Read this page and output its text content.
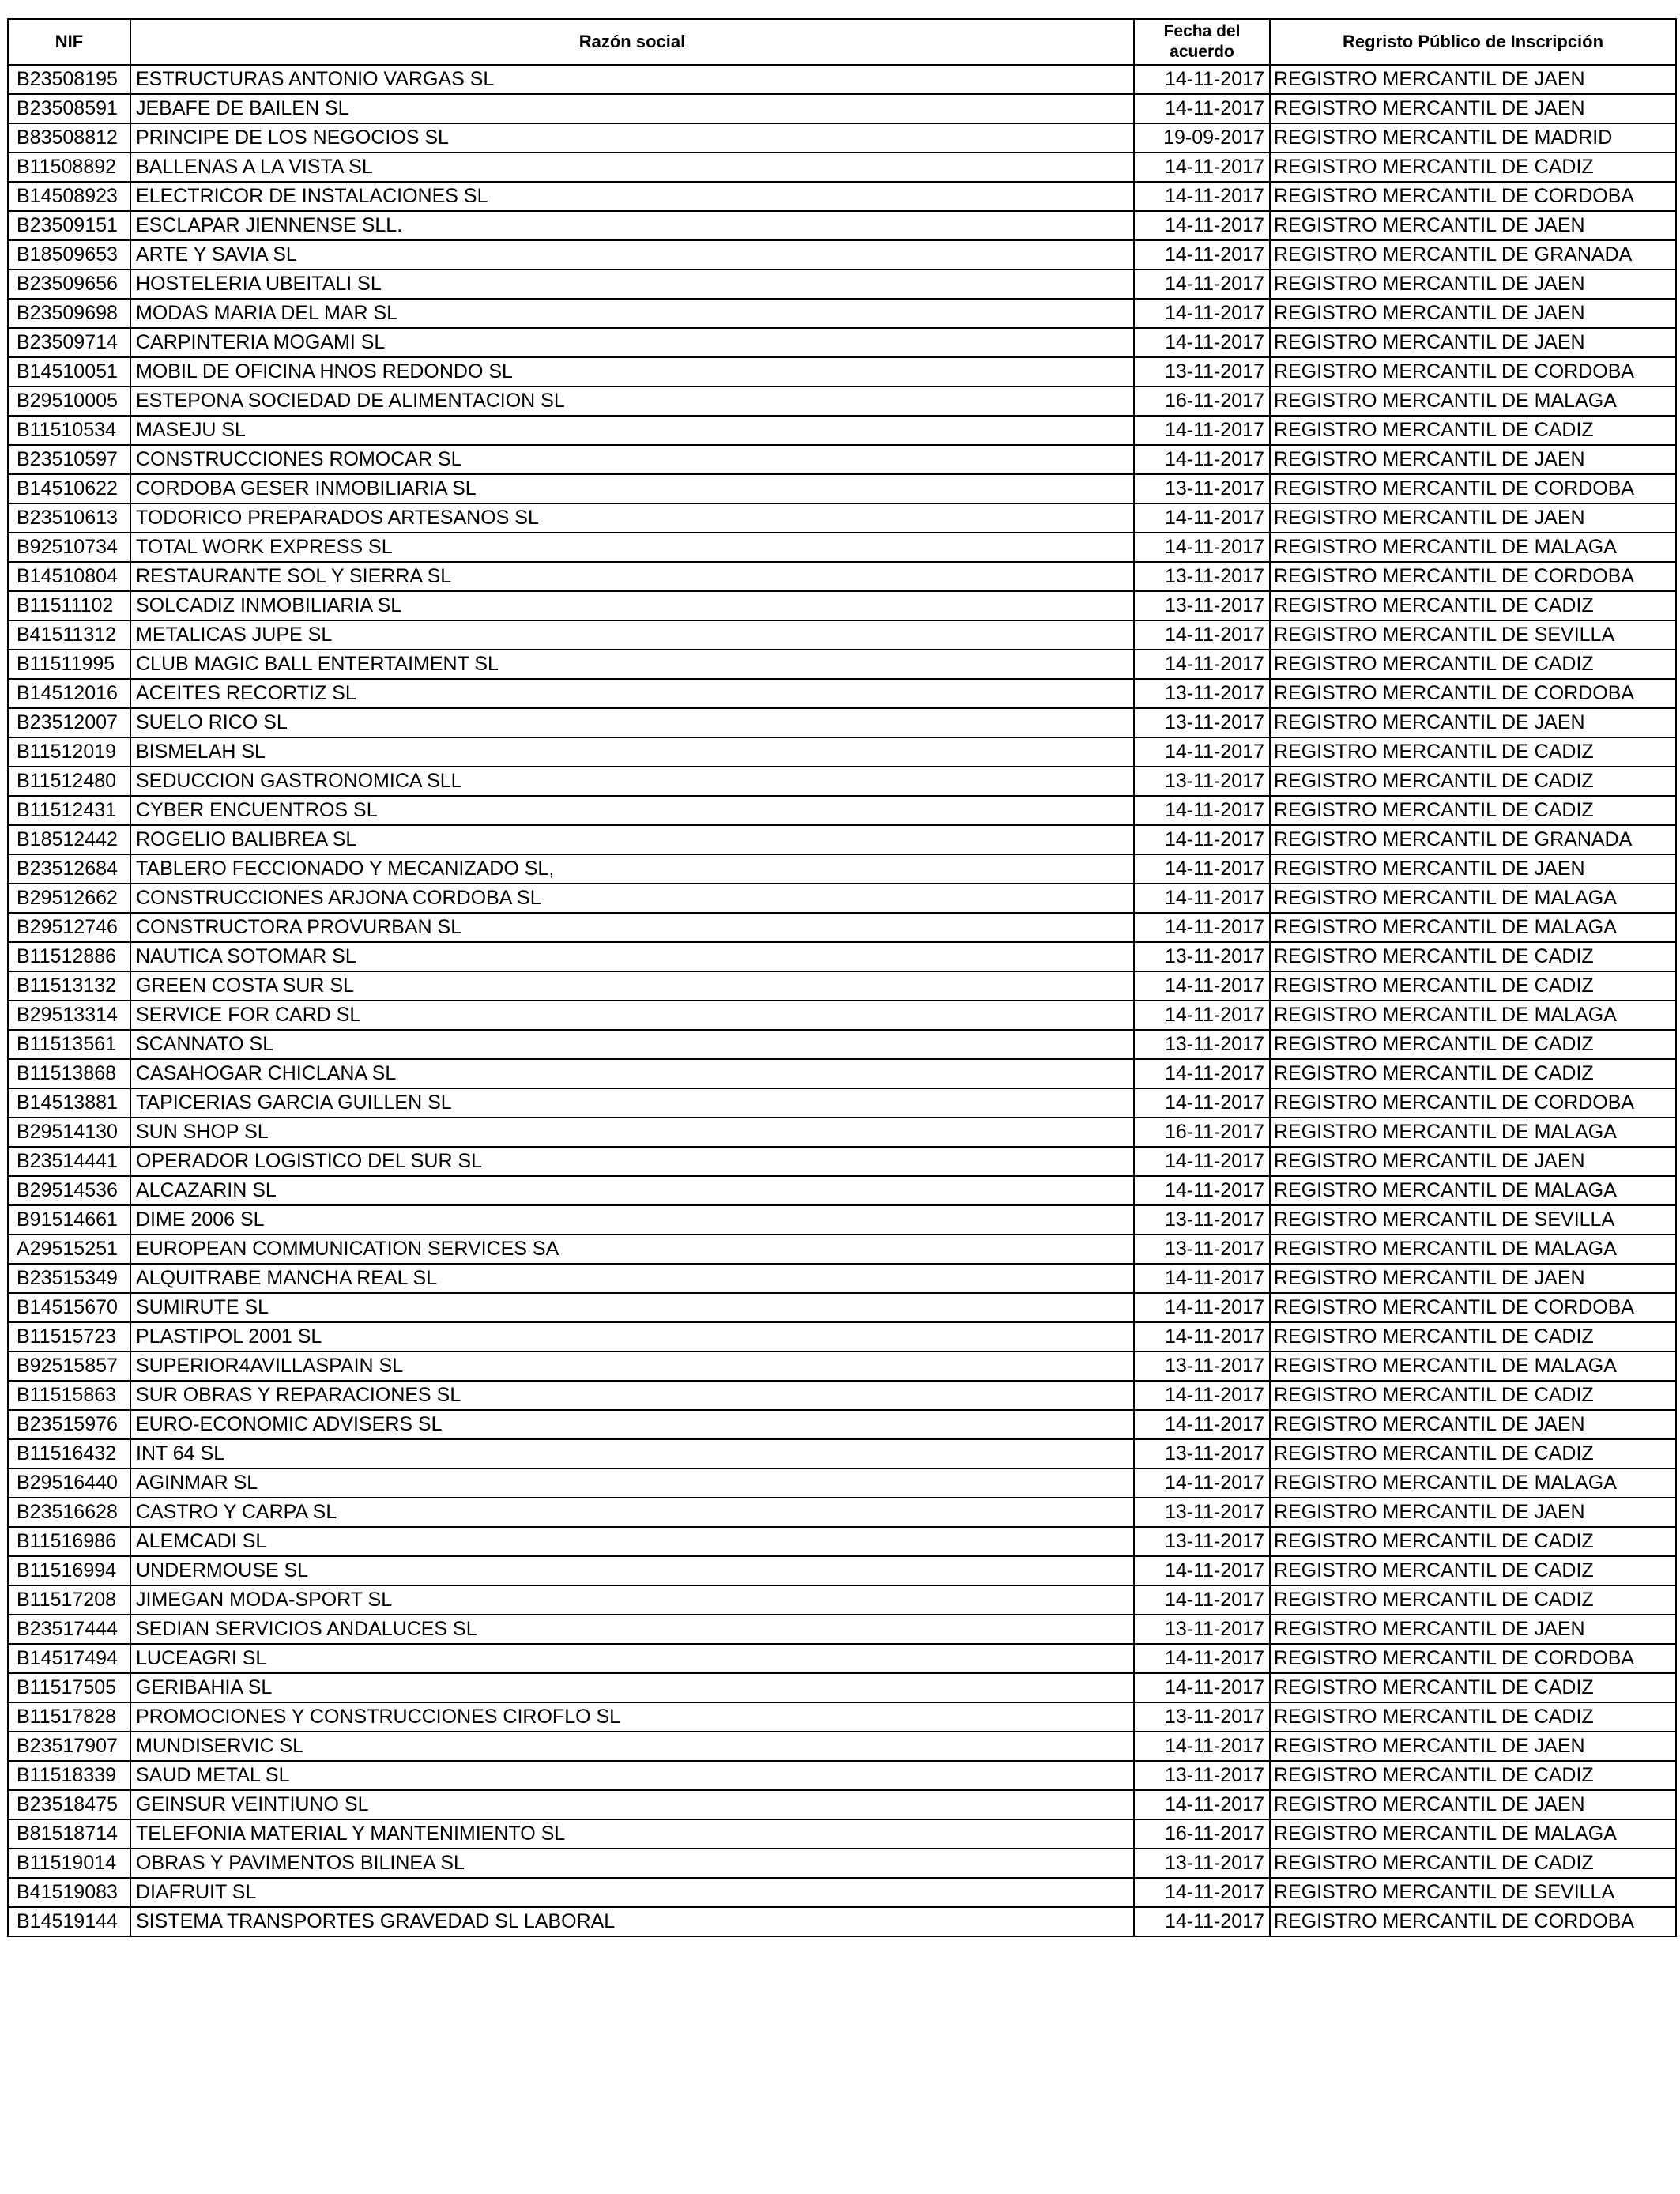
NIF	Razón social	Fecha del acuerdo	Regristo Público de Inscripción
B23508195	ESTRUCTURAS ANTONIO VARGAS SL	14-11-2017	REGISTRO MERCANTIL DE JAEN
B23508591	JEBAFE DE BAILEN SL	14-11-2017	REGISTRO MERCANTIL DE JAEN
B83508812	PRINCIPE DE LOS NEGOCIOS SL	19-09-2017	REGISTRO MERCANTIL DE MADRID
B11508892	BALLENAS A LA VISTA SL	14-11-2017	REGISTRO MERCANTIL DE CADIZ
B14508923	ELECTRICOR DE INSTALACIONES SL	14-11-2017	REGISTRO MERCANTIL DE CORDOBA
B23509151	ESCLAPAR JIENNENSE SLL.	14-11-2017	REGISTRO MERCANTIL DE JAEN
B18509653	ARTE Y SAVIA SL	14-11-2017	REGISTRO MERCANTIL DE GRANADA
B23509656	HOSTELERIA UBEITALI SL	14-11-2017	REGISTRO MERCANTIL DE JAEN
B23509698	MODAS MARIA DEL MAR SL	14-11-2017	REGISTRO MERCANTIL DE JAEN
B23509714	CARPINTERIA MOGAMI SL	14-11-2017	REGISTRO MERCANTIL DE JAEN
B14510051	MOBIL DE OFICINA HNOS REDONDO SL	13-11-2017	REGISTRO MERCANTIL DE CORDOBA
B29510005	ESTEPONA SOCIEDAD DE ALIMENTACION SL	16-11-2017	REGISTRO MERCANTIL DE MALAGA
B11510534	MASEJU SL	14-11-2017	REGISTRO MERCANTIL DE CADIZ
B23510597	CONSTRUCCIONES ROMOCAR SL	14-11-2017	REGISTRO MERCANTIL DE JAEN
B14510622	CORDOBA GESER INMOBILIARIA SL	13-11-2017	REGISTRO MERCANTIL DE CORDOBA
B23510613	TODORICO PREPARADOS ARTESANOS SL	14-11-2017	REGISTRO MERCANTIL DE JAEN
B92510734	TOTAL WORK EXPRESS SL	14-11-2017	REGISTRO MERCANTIL DE MALAGA
B14510804	RESTAURANTE SOL Y SIERRA SL	13-11-2017	REGISTRO MERCANTIL DE CORDOBA
B11511102	SOLCADIZ INMOBILIARIA SL	13-11-2017	REGISTRO MERCANTIL DE CADIZ
B41511312	METALICAS JUPE SL	14-11-2017	REGISTRO MERCANTIL DE SEVILLA
B11511995	CLUB MAGIC BALL ENTERTAIMENT SL	14-11-2017	REGISTRO MERCANTIL DE CADIZ
B14512016	ACEITES RECORTIZ SL	13-11-2017	REGISTRO MERCANTIL DE CORDOBA
B23512007	SUELO RICO SL	13-11-2017	REGISTRO MERCANTIL DE JAEN
B11512019	BISMELAH SL	14-11-2017	REGISTRO MERCANTIL DE CADIZ
B11512480	SEDUCCION GASTRONOMICA SLL	13-11-2017	REGISTRO MERCANTIL DE CADIZ
B11512431	CYBER ENCUENTROS SL	14-11-2017	REGISTRO MERCANTIL DE CADIZ
B18512442	ROGELIO BALIBREA SL	14-11-2017	REGISTRO MERCANTIL DE GRANADA
B23512684	TABLERO FECCIONADO Y MECANIZADO SL,	14-11-2017	REGISTRO MERCANTIL DE JAEN
B29512662	CONSTRUCCIONES ARJONA CORDOBA SL	14-11-2017	REGISTRO MERCANTIL DE MALAGA
B29512746	CONSTRUCTORA PROVURBAN SL	14-11-2017	REGISTRO MERCANTIL DE MALAGA
B11512886	NAUTICA SOTOMAR SL	13-11-2017	REGISTRO MERCANTIL DE CADIZ
B11513132	GREEN COSTA SUR SL	14-11-2017	REGISTRO MERCANTIL DE CADIZ
B29513314	SERVICE FOR CARD SL	14-11-2017	REGISTRO MERCANTIL DE MALAGA
B11513561	SCANNATO SL	13-11-2017	REGISTRO MERCANTIL DE CADIZ
B11513868	CASAHOGAR CHICLANA SL	14-11-2017	REGISTRO MERCANTIL DE CADIZ
B14513881	TAPICERIAS GARCIA GUILLEN SL	14-11-2017	REGISTRO MERCANTIL DE CORDOBA
B29514130	SUN SHOP SL	16-11-2017	REGISTRO MERCANTIL DE MALAGA
B23514441	OPERADOR LOGISTICO DEL SUR SL	14-11-2017	REGISTRO MERCANTIL DE JAEN
B29514536	ALCAZARIN SL	14-11-2017	REGISTRO MERCANTIL DE MALAGA
B91514661	DIME 2006 SL	13-11-2017	REGISTRO MERCANTIL DE SEVILLA
A29515251	EUROPEAN COMMUNICATION SERVICES SA	13-11-2017	REGISTRO MERCANTIL DE MALAGA
B23515349	ALQUITRABE MANCHA REAL SL	14-11-2017	REGISTRO MERCANTIL DE JAEN
B14515670	SUMIRUTE SL	14-11-2017	REGISTRO MERCANTIL DE CORDOBA
B11515723	PLASTIPOL 2001 SL	14-11-2017	REGISTRO MERCANTIL DE CADIZ
B92515857	SUPERIOR4AVILLASPAIN SL	13-11-2017	REGISTRO MERCANTIL DE MALAGA
B11515863	SUR OBRAS Y REPARACIONES SL	14-11-2017	REGISTRO MERCANTIL DE CADIZ
B23515976	EURO-ECONOMIC ADVISERS SL	14-11-2017	REGISTRO MERCANTIL DE JAEN
B11516432	INT 64 SL	13-11-2017	REGISTRO MERCANTIL DE CADIZ
B29516440	AGINMAR SL	14-11-2017	REGISTRO MERCANTIL DE MALAGA
B23516628	CASTRO Y CARPA SL	13-11-2017	REGISTRO MERCANTIL DE JAEN
B11516986	ALEMCADI SL	13-11-2017	REGISTRO MERCANTIL DE CADIZ
B11516994	UNDERMOUSE SL	14-11-2017	REGISTRO MERCANTIL DE CADIZ
B11517208	JIMEGAN MODA-SPORT SL	14-11-2017	REGISTRO MERCANTIL DE CADIZ
B23517444	SEDIAN SERVICIOS ANDALUCES SL	13-11-2017	REGISTRO MERCANTIL DE JAEN
B14517494	LUCEAGRI SL	14-11-2017	REGISTRO MERCANTIL DE CORDOBA
B11517505	GERIBAHIA SL	14-11-2017	REGISTRO MERCANTIL DE CADIZ
B11517828	PROMOCIONES Y CONSTRUCCIONES CIROFLO SL	13-11-2017	REGISTRO MERCANTIL DE CADIZ
B23517907	MUNDISERVIC SL	14-11-2017	REGISTRO MERCANTIL DE JAEN
B11518339	SAUD METAL SL	13-11-2017	REGISTRO MERCANTIL DE CADIZ
B23518475	GEINSUR VEINTIUNO SL	14-11-2017	REGISTRO MERCANTIL DE JAEN
B81518714	TELEFONIA MATERIAL Y MANTENIMIENTO SL	16-11-2017	REGISTRO MERCANTIL DE MALAGA
B11519014	OBRAS Y PAVIMENTOS BILINEA SL	13-11-2017	REGISTRO MERCANTIL DE CADIZ
B41519083	DIAFRUIT SL	14-11-2017	REGISTRO MERCANTIL DE SEVILLA
B14519144	SISTEMA TRANSPORTES GRAVEDAD SL LABORAL	14-11-2017	REGISTRO MERCANTIL DE CORDOBA
